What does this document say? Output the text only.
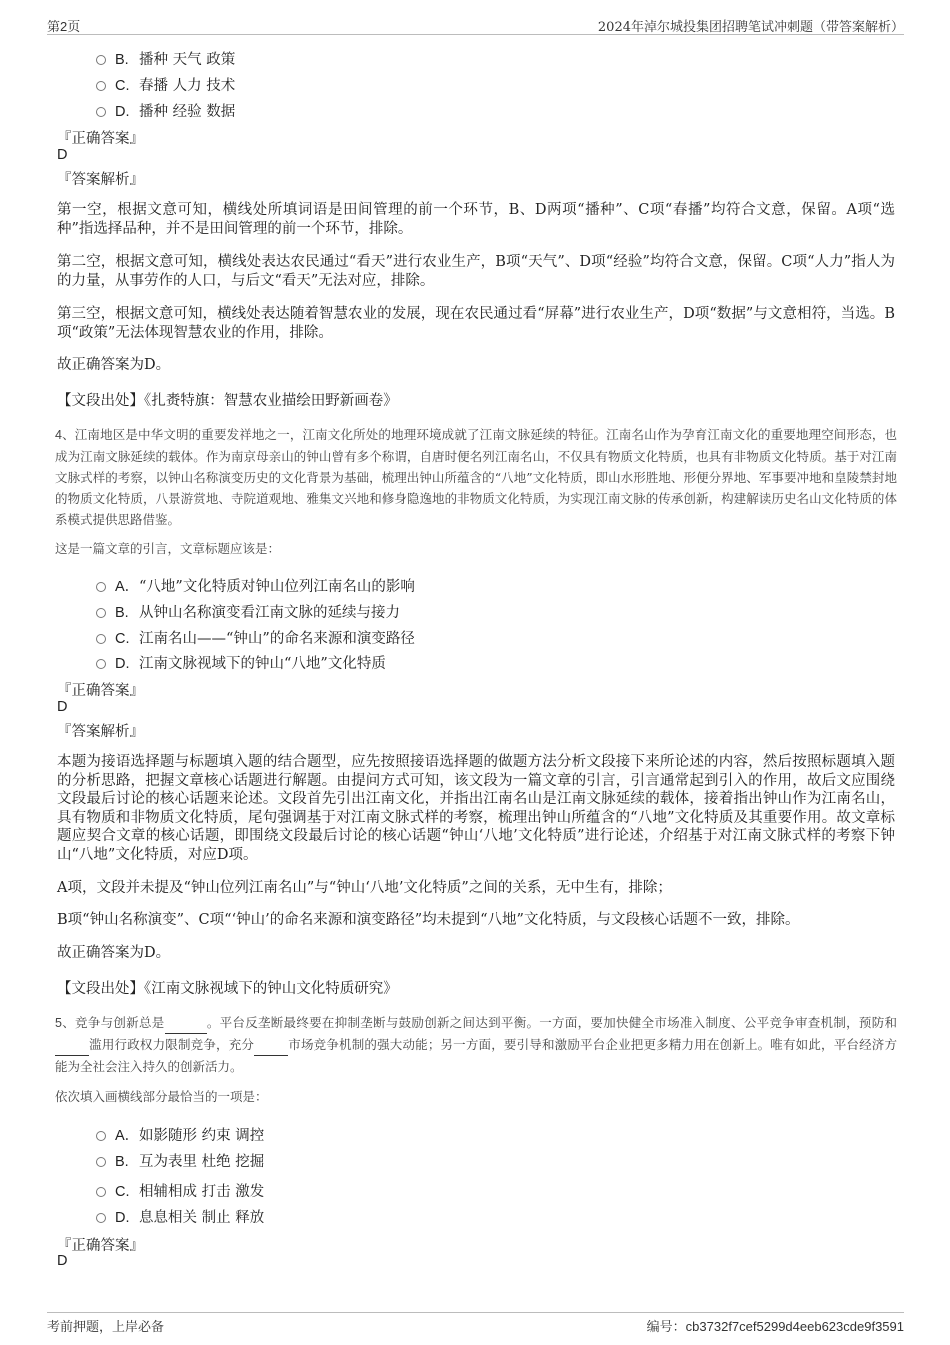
第2页	2024年淖尔城投集团招聘笔试冲刺题（带答案解析）
B. 播种 天气 政策
C. 春播 人力 技术
D. 播种 经验 数据
『正确答案』
D
『答案解析』
第一空，根据文意可知，横线处所填词语是田间管理的前一个环节，B、D两项“播种”、C项“春播”均符合文意，保留。A项“选种”指选择品种，并不是田间管理的前一个环节，排除。
第二空，根据文意可知，横线处表达农民通过“看天”进行农业生产，B项“天气”、D项“经验”均符合文意，保留。C项“人力”指人为的力量，从事劳作的人口，与后文“看天”无法对应，排除。
第三空，根据文意可知，横线处表达随着智慧农业的发展，现在农民通过看“屏幕”进行农业生产，D项“数据”与文意相符，当选。B项“政策”无法体现智慧农业的作用，排除。
故正确答案为D。
【文段出处】《扎赉特旗：智慧农业描绘田野新画卷》
4、江南地区是中华文明的重要发祥地之一，江南文化所处的地理环境成就了江南文脉延续的特征。江南名山作为孕育江南文化的重要地理空间形态，也成为江南文脉延续的载体。作为南京母亲山的钟山曾有多个称谓，自唐时便名列江南名山，不仅具有物质文化特质，也具有非物质文化特质。基于对江南文脉式样的考察，以钟山名称演变历史的文化背景为基础，梳理出钟山所蕴含的“八地”文化特质，即山水形胜地、形便分界地、军事要冲地和皇陵禁封地的物质文化特质，八景游赏地、寺院道观地、雅集文兴地和修身隐逸地的非物质文化特质，为实现江南文脉的传承创新，构建解读历史名山文化特质的体系模式提供思路借鉴。
这是一篇文章的引言，文章标题应该是：
A．“八地”文化特质对钟山位列江南名山的影响
B. 从钟山名称演变看江南文脉的延续与接力
C. 江南名山——“钟山”的命名来源和演变路径
D. 江南文脉视域下的钟山“八地”文化特质
『正确答案』
D
『答案解析』
本题为接语选择题与标题填入题的结合题型，应先按照接语选择题的做题方法分析文段接下来所论述的内容，然后按照标题填入题的分析思路，把握文章核心话题进行解题。由提问方式可知，该文段为一篇文章的引言，引言通常起到引入的作用，故后文应围绕文段最后讨论的核心话题来论述。文段首先引出江南文化，并指出江南名山是江南文脉延续的载体，接着指出钟山作为江南名山，具有物质和非物质文化特质，尾句强调基于对江南文脉式样的考察，梳理出钟山所蕴含的“八地”文化特质及其重要作用。故文章标题应契合文章的核心话题，即围绕文段最后讨论的核心话题“钟山‘八地’文化特质”进行论述，介绍基于对江南文脉式样的考察下钟山“八地”文化特质，对应D项。
A项，文段并未提及“钟山位列江南名山”与“钟山‘八地’文化特质”之间的关系，无中生有，排除；
B项“钟山名称演变”、C项“‘钟山’的命名来源和演变路径”均未提到“八地”文化特质，与文段核心话题不一致，排除。
故正确答案为D。
【文段出处】《江南文脉视域下的钟山文化特质研究》
5、竞争与创新总是	。平台反垄断最终要在抑制垄断与鼓励创新之间达到平衡。一方面，要加快健全市场准入制度、公平竞争审查机制，预防和 滥用行政权力限制竞争，充分	市场竞争机制的强大动能；另一方面，要引导和激励平台企业把更多精力用在创新上。唯有如此，平台经济方能为全社会注入持久的创新活力。
依次填入画横线部分最恰当的一项是：
A．如影随形 约束 调控
B. 互为表里 杜绝 挖掘
C. 相辅相成 打击 激发
D. 息息相关 制止 释放
『正确答案』
D
考前押题，上岸必备	编号：cb3732f7cef5299d4eeb623cde9f3591
